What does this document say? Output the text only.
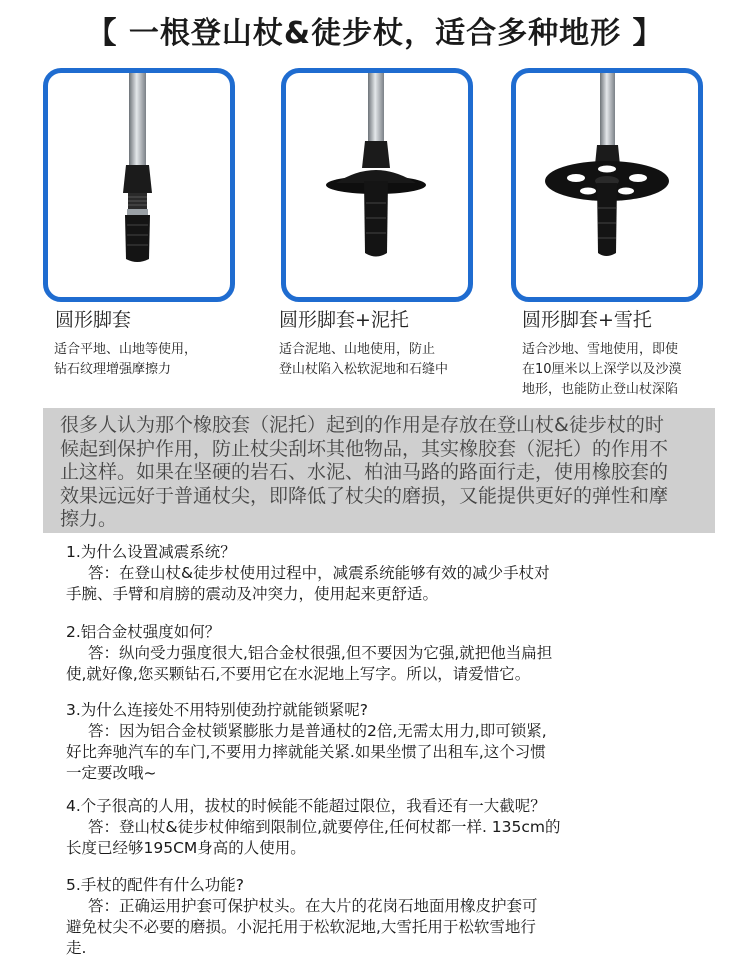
【 一根登山杖&徒步杖，适合多种地形 】
圆形脚套
适合平地、山地等使用，
钻石纹理增强摩擦力
圆形脚套+泥托
适合泥地、山地使用，防止
登山杖陷入松软泥地和石缝中
圆形脚套+雪托
适合沙地、雪地使用，即使
在10厘米以上深学以及沙漠
地形，也能防止登山杖深陷
很多人认为那个橡胶套（泥托）起到的作用是存放在登山杖&徒步杖的时
候起到保护作用，防止杖尖刮坏其他物品，其实橡胶套（泥托）的作用不
止这样。如果在坚硬的岩石、水泥、柏油马路的路面行走，使用橡胶套的
效果远远好于普通杖尖，即降低了杖尖的磨损，又能提供更好的弹性和摩
擦力。
1.为什么设置减震系统？
答：在登山杖&徒步杖使用过程中，减震系统能够有效的减少手杖对
手腕、手臂和肩膀的震动及冲突力，使用起来更舒适。
2.铝合金杖强度如何？
答：纵向受力强度很大,铝合金杖很强,但不要因为它强,就把他当扁担
使,就好像,您买颗钻石,不要用它在水泥地上写字。所以，请爱惜它。
3.为什么连接处不用特别使劲拧就能锁紧呢?
答：因为铝合金杖锁紧膨胀力是普通杖的2倍,无需太用力,即可锁紧,
好比奔驰汽车的车门,不要用力摔就能关紧.如果坐惯了出租车,这个习惯
一定要改哦~
4.个子很高的人用，拔杖的时候能不能超过限位，我看还有一大截呢？
答：登山杖&徒步杖伸缩到限制位,就要停住,任何杖都一样. 135cm的
长度已经够195CM身高的人使用。
5.手杖的配件有什么功能?
答：正确运用护套可保护杖头。在大片的花岗石地面用橡皮护套可
避免杖尖不必要的磨损。小泥托用于松软泥地,大雪托用于松软雪地行
走.
